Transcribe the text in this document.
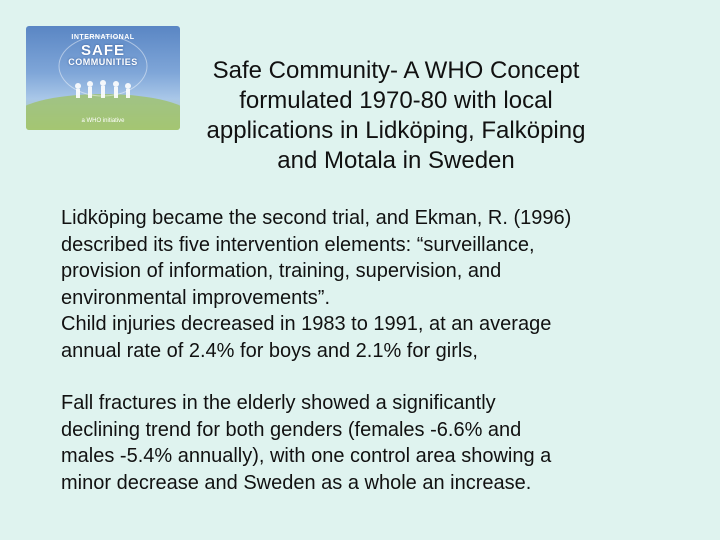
INTERNATIONAL
SAFE
COMMUNITIES
a WHO initiative
Safe Community- A WHO Concept
formulated 1970-80 with local
applications in Lidköping, Falköping
and Motala in Sweden
Lidköping became the second trial, and Ekman, R. (1996)
described its five intervention elements: “surveillance,
provision of information, training, supervision, and
environmental improvements”.
Child injuries decreased in 1983 to 1991, at an average
annual rate of 2.4% for boys and 2.1% for girls,
Fall fractures in the elderly showed a significantly
declining trend for both genders (females -6.6% and
males -5.4% annually), with one control area showing a
minor decrease and Sweden as a whole an increase.
